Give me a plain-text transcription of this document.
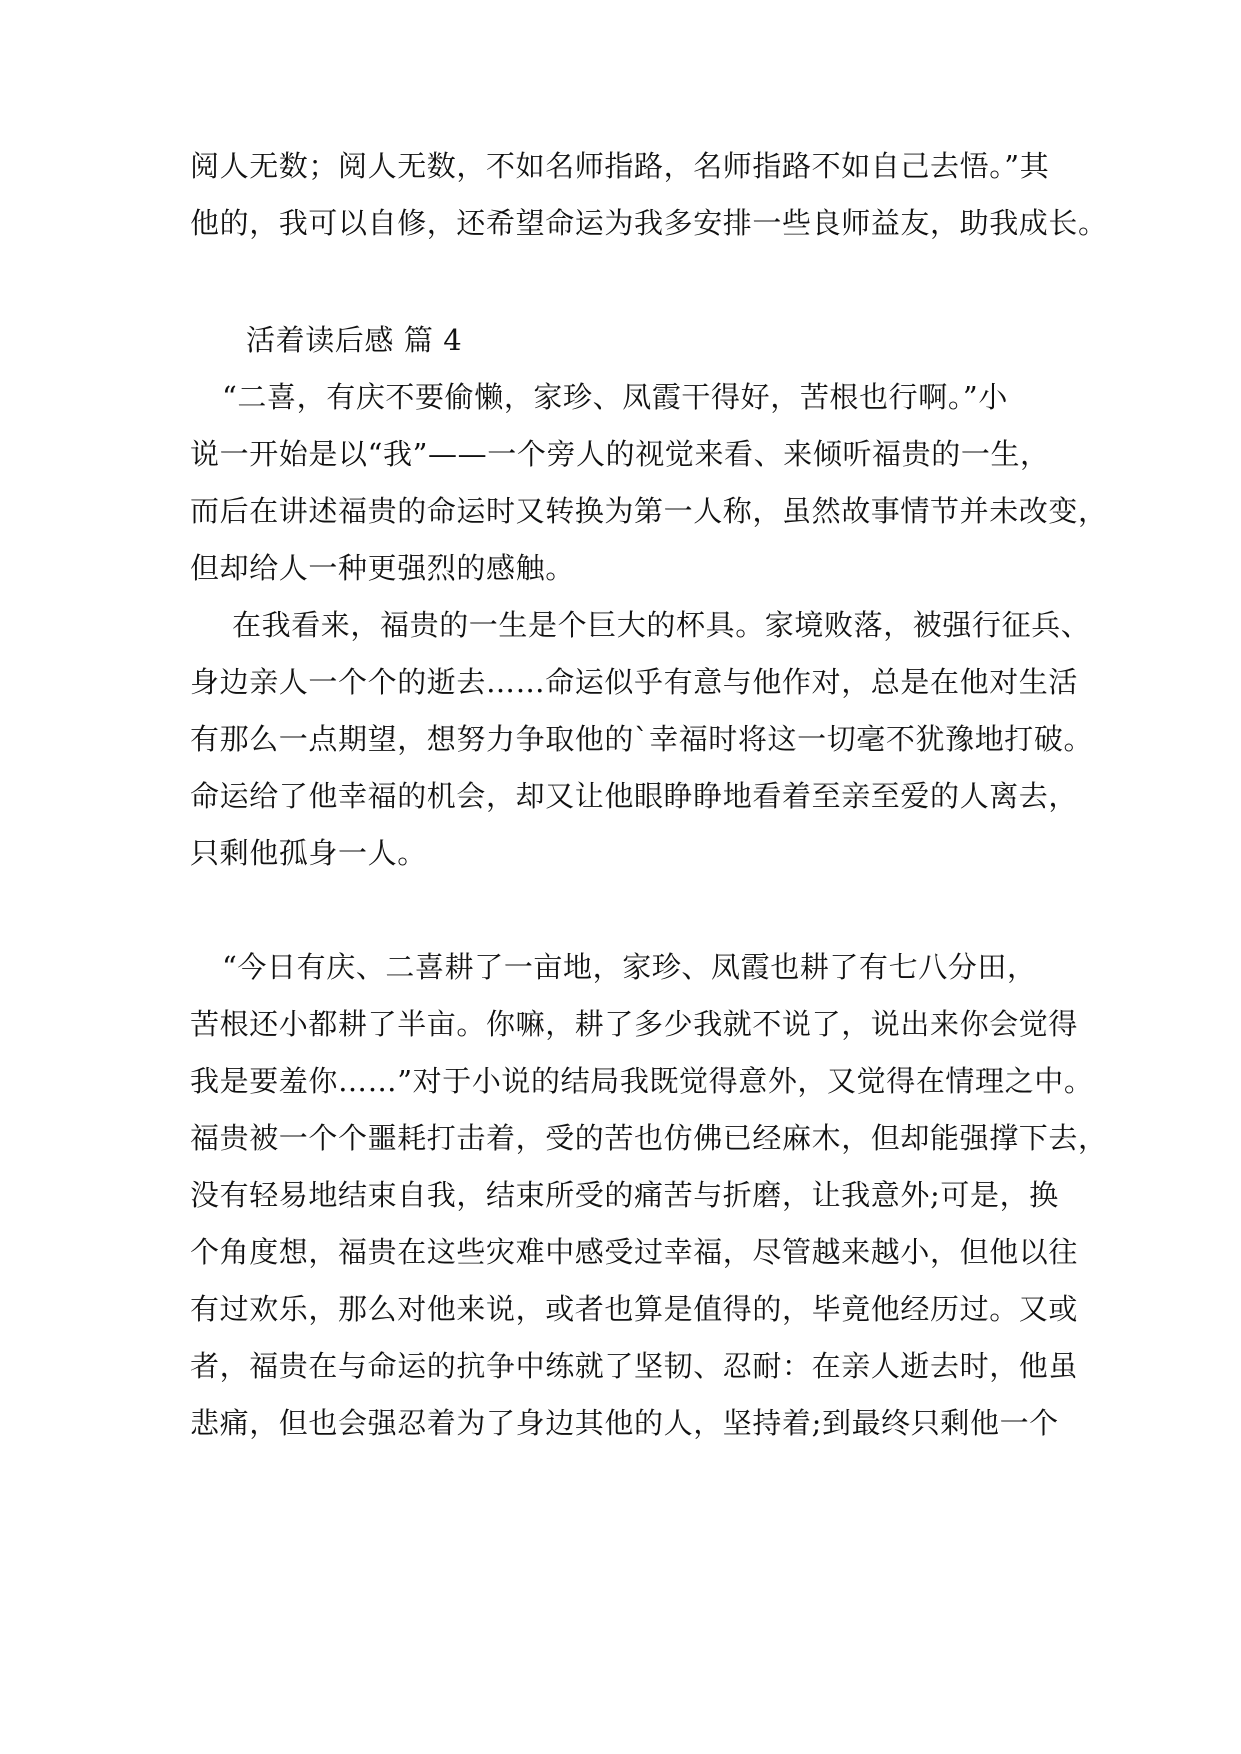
阅人无数；阅人无数，不如名师指路，名师指路不如自己去悟。”其
他的，我可以自修，还希望命运为我多安排一些良师益友，助我成长。
活着读后感 篇 4
“二喜，有庆不要偷懒，家珍、凤霞干得好，苦根也行啊。”小
说一开始是以“我”——一个旁人的视觉来看、来倾听福贵的一生，
而后在讲述福贵的命运时又转换为第一人称，虽然故事情节并未改变，
但却给人一种更强烈的感触。
在我看来，福贵的一生是个巨大的杯具。家境败落，被强行征兵、
身边亲人一个个的逝去……命运似乎有意与他作对，总是在他对生活
有那么一点期望，想努力争取他的`幸福时将这一切毫不犹豫地打破。
命运给了他幸福的机会，却又让他眼睁睁地看着至亲至爱的人离去，
只剩他孤身一人。
“今日有庆、二喜耕了一亩地，家珍、凤霞也耕了有七八分田，
苦根还小都耕了半亩。你嘛，耕了多少我就不说了，说出来你会觉得
我是要羞你……”对于小说的结局我既觉得意外，又觉得在情理之中。
福贵被一个个噩耗打击着，受的苦也仿佛已经麻木，但却能强撑下去，
没有轻易地结束自我，结束所受的痛苦与折磨，让我意外;可是，换
个角度想，福贵在这些灾难中感受过幸福，尽管越来越小，但他以往
有过欢乐，那么对他来说，或者也算是值得的，毕竟他经历过。又或
者，福贵在与命运的抗争中练就了坚韧、忍耐：在亲人逝去时，他虽
悲痛，但也会强忍着为了身边其他的人，坚持着;到最终只剩他一个
